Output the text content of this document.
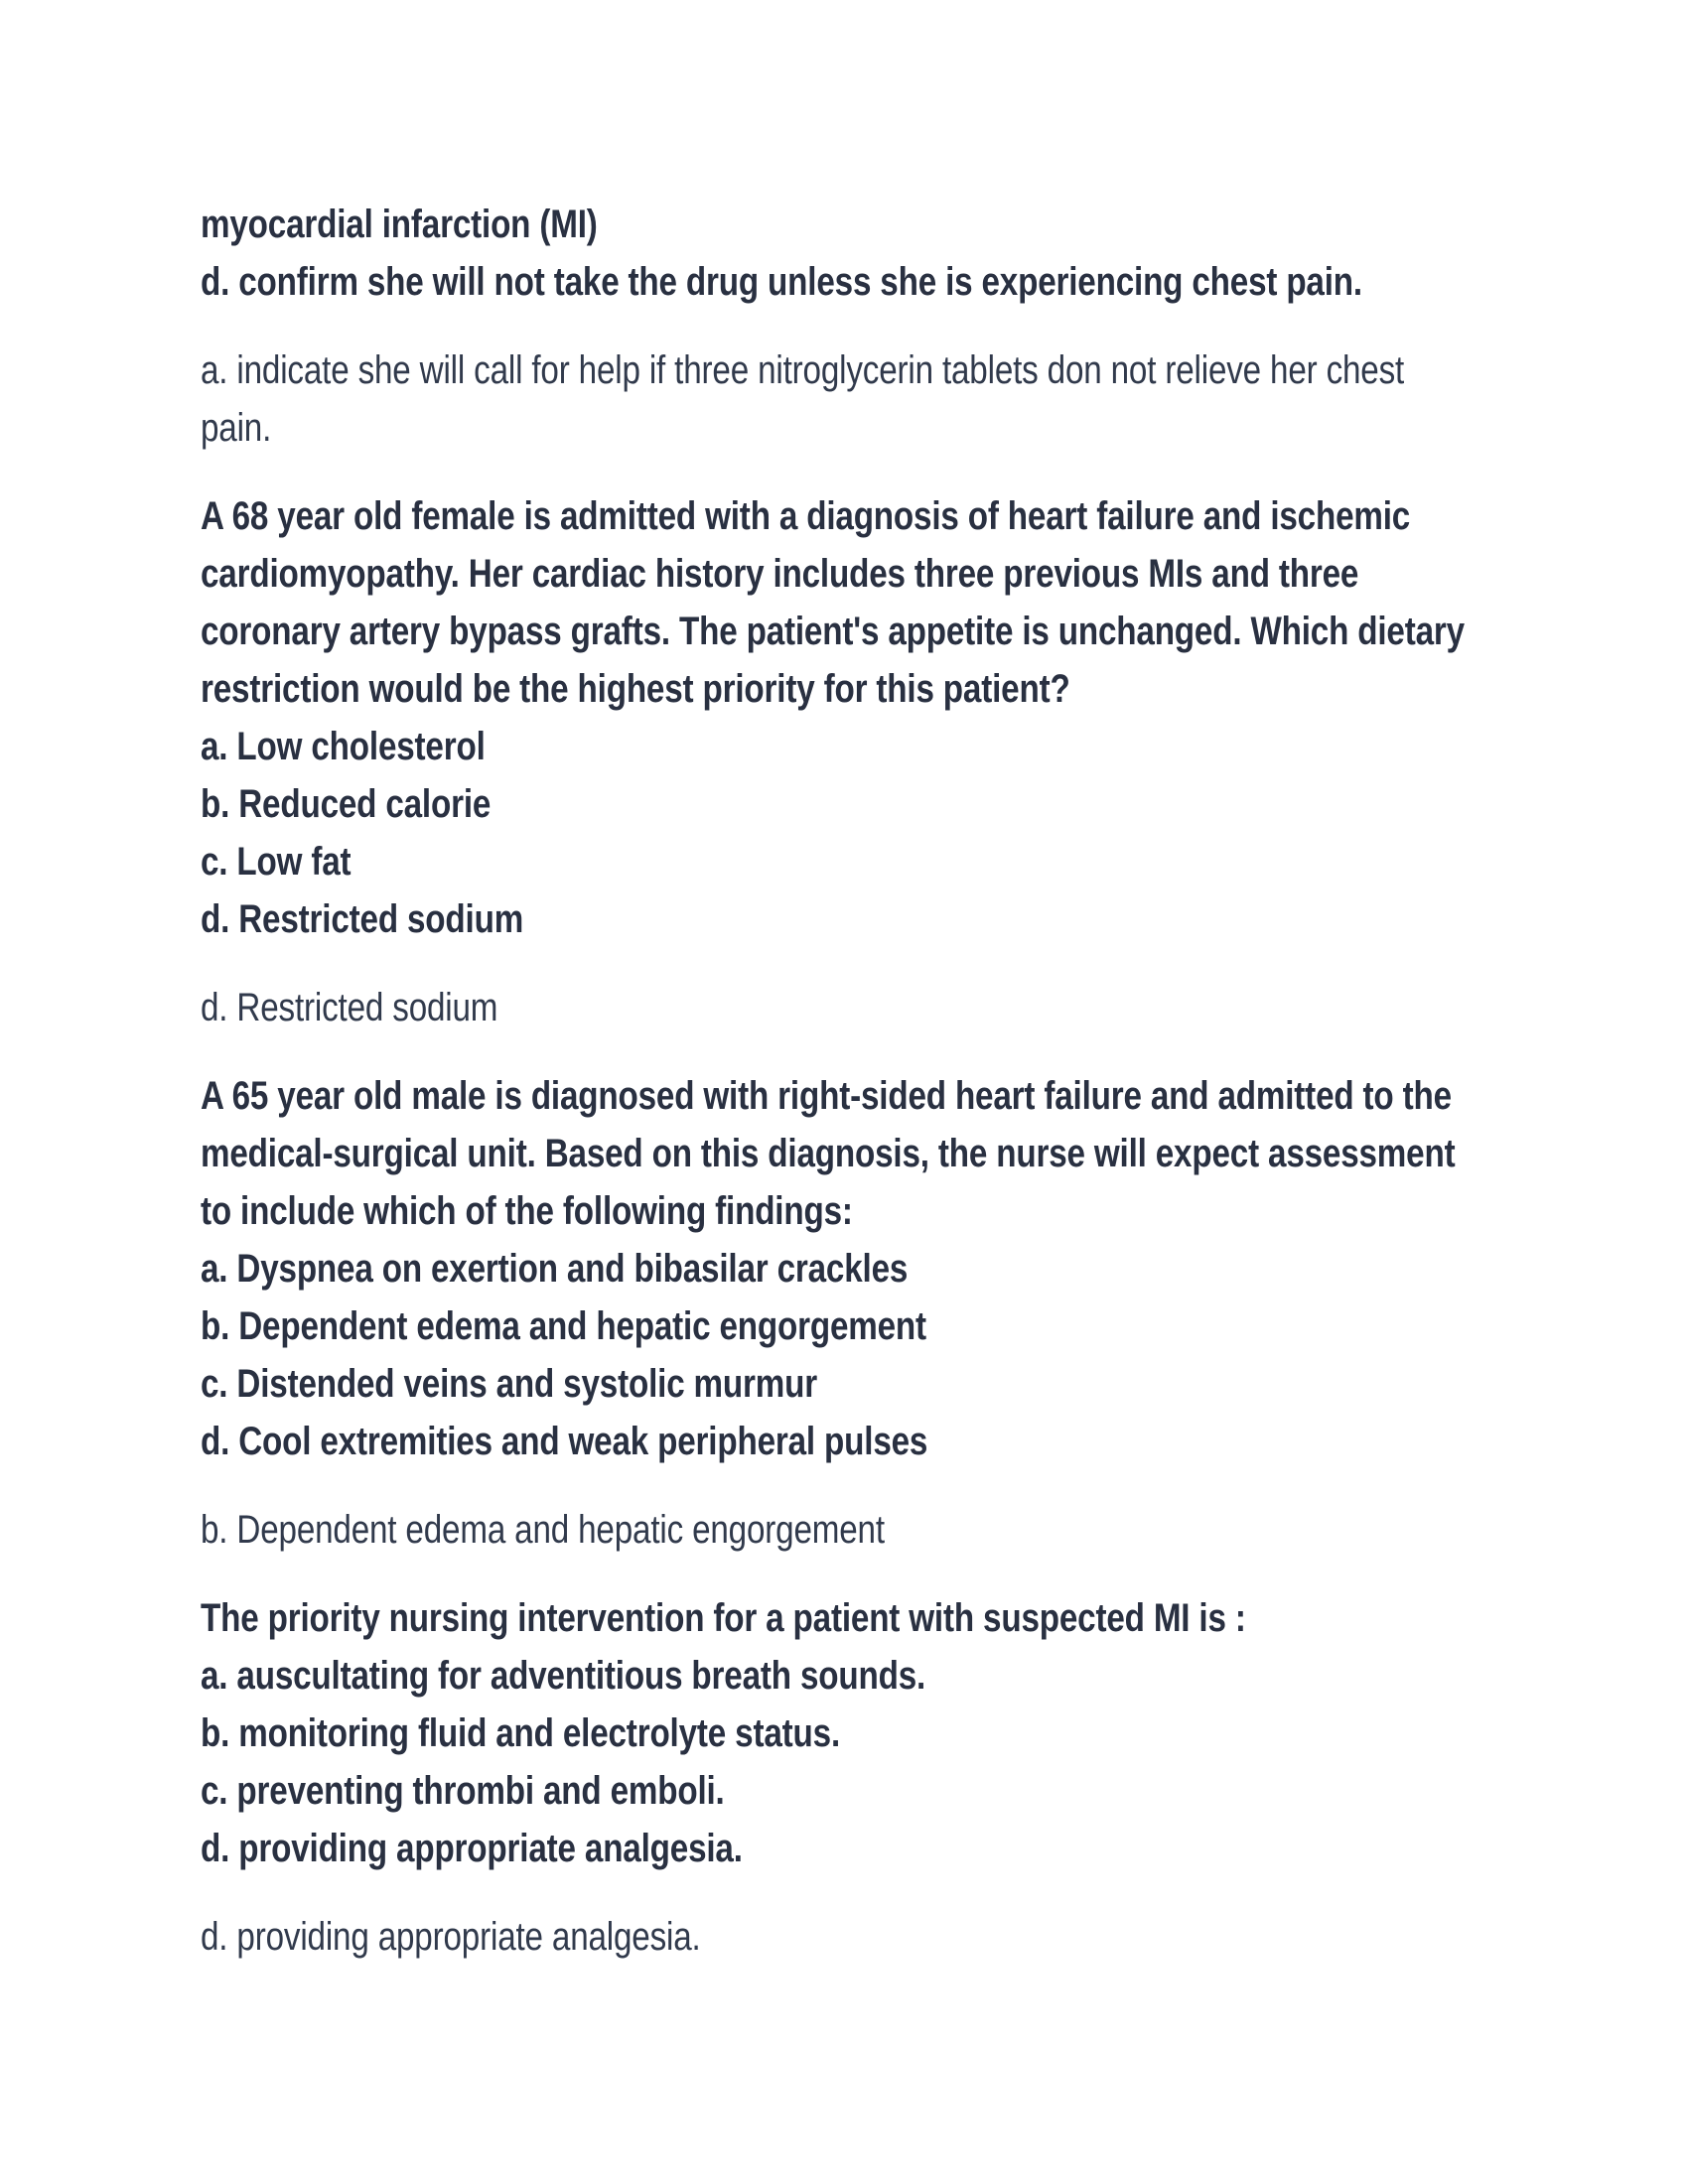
myocardial infarction (MI)
d. confirm she will not take the drug unless she is experiencing chest pain.
a. indicate she will call for help if three nitroglycerin tablets don not relieve her chest
pain.
A 68 year old female is admitted with a diagnosis of heart failure and ischemic
cardiomyopathy. Her cardiac history includes three previous MIs and three
coronary artery bypass grafts. The patient's appetite is unchanged. Which dietary
restriction would be the highest priority for this patient?
a. Low cholesterol
b. Reduced calorie
c. Low fat
d. Restricted sodium
d. Restricted sodium
A 65 year old male is diagnosed with right-sided heart failure and admitted to the
medical-surgical unit. Based on this diagnosis, the nurse will expect assessment
to include which of the following findings:
a. Dyspnea on exertion and bibasilar crackles
b. Dependent edema and hepatic engorgement
c. Distended veins and systolic murmur
d. Cool extremities and weak peripheral pulses
b. Dependent edema and hepatic engorgement
The priority nursing intervention for a patient with suspected MI is :
a. auscultating for adventitious breath sounds.
b. monitoring fluid and electrolyte status.
c. preventing thrombi and emboli.
d. providing appropriate analgesia.
d. providing appropriate analgesia.
